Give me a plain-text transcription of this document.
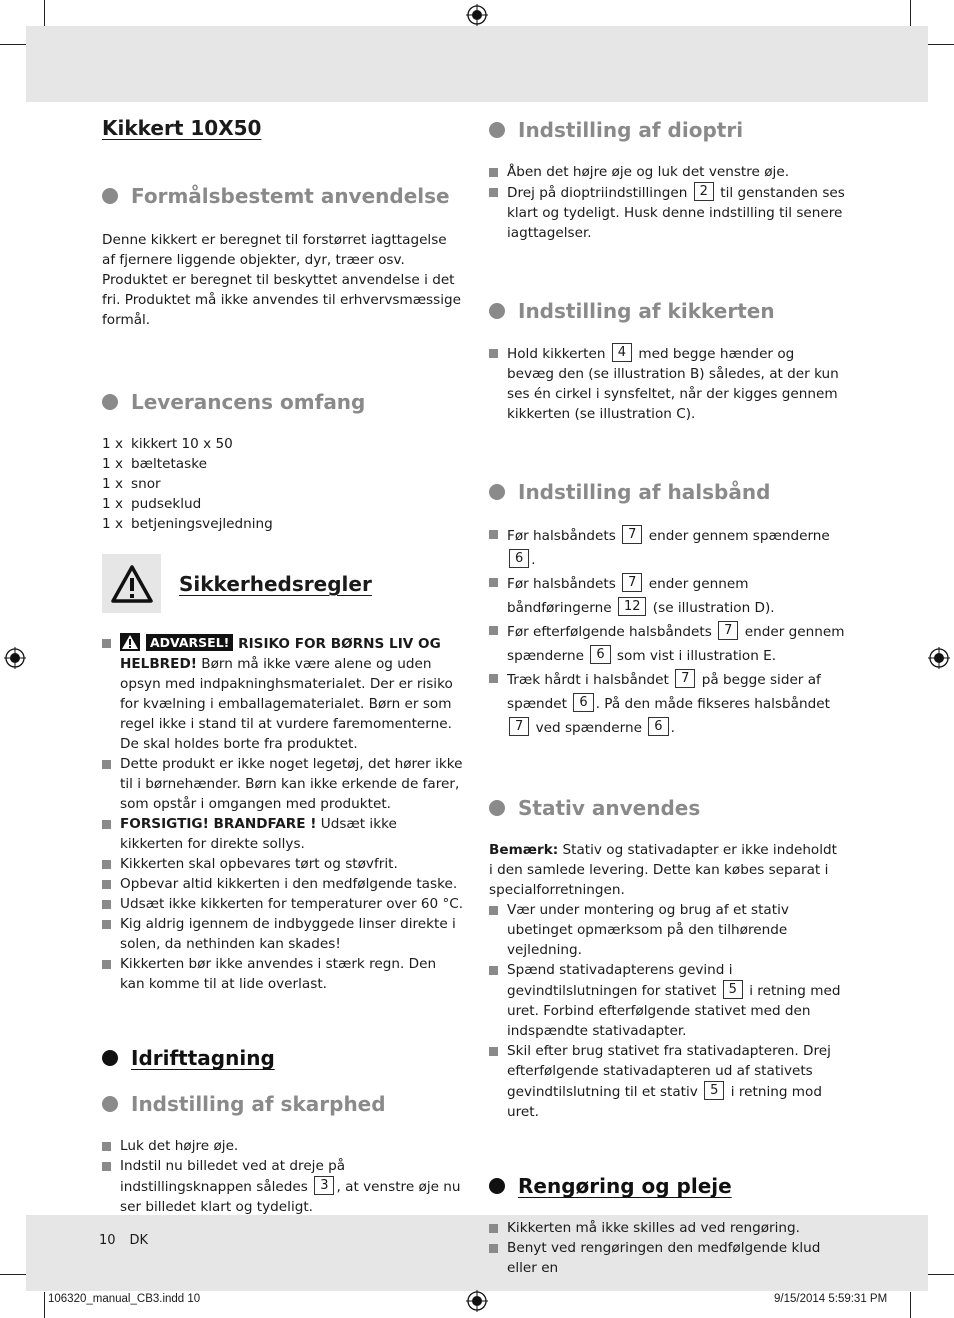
Kikkert 10X50
Formålsbestemt anvendelse

Denne kikkert er beregnet til forstørret iagttagelse af fjernere liggende objekter, dyr, træer osv. Produktet er beregnet til beskyttet anvendelse i det fri. Produktet må ikke anvendes til erhvervsmæssige formål.

Leverancens omfang
1 x kikkert 10 x 50
1 x bæltetaske
1 x snor
1 x pudseklud
1 x betjeningsvejledning
Sikkerhedsregler
ADVARSEL! RISIKO FOR BØRNS LIV OG HELBRED! Børn må ikke være alene og uden opsyn med indpakninghsmaterialet. Der er risiko for kvælning i emballagematerialet. Børn er som regel ikke i stand til at vurdere faremomenterne. De skal holdes borte fra produktet.
Dette produkt er ikke noget legetøj, det hører ikke til i børnehænder. Børn kan ikke erkende de farer, som opstår i omgangen med produktet.
FORSIGTIG! BRANDFARE ! Udsæt ikke kikkerten for direkte sollys.
Kikkerten skal opbevares tørt og støvfrit.
Opbevar altid kikkerten i den medfølgende taske.
Udsæt ikke kikkerten for temperaturer over 60 °C.
Kig aldrig igennem de indbyggede linser direkte i solen, da nethinden kan skades!
Kikkerten bør ikke anvendes i stærk regn. Den kan komme til at lide overlast.
Idrifttagning
Indstilling af skarphed
Luk det højre øje.
Indstil nu billedet ved at dreje på indstillingsknappen således 3 , at venstre øje nu ser billedet klart og tydeligt.
Indstilling af dioptri
Åben det højre øje og luk det venstre øje.
Drej på dioptriindstillingen 2 til genstanden ses klart og tydeligt. Husk denne indstilling til senere iagttagelser.
Indstilling af kikkerten
Hold kikkerten 4 med begge hænder og bevæg den (se illustration B) således, at der kun ses én cirkel i synsfeltet, når der kigges gennem kikkerten (se illustration C).
Indstilling af halsbånd
Før halsbåndets 7 ender gennem spænderne 6 .
Før halsbåndets 7 ender gennem båndføringerne 12 (se illustration D).
Før efterfølgende halsbåndets 7 ender gennem spænderne 6 som vist i illustration E.
Træk hårdt i halsbåndet 7 på begge sider af spændet 6 . På den måde fikseres halsbåndet 7 ved spænderne 6 .
Stativ anvendes

Bemærk: Stativ og stativadapter er ikke indeholdt i den samlede levering. Dette kan købes separat i specialforretningen.

Vær under montering og brug af et stativ ubetinget opmærksom på den tilhørende vejledning.
Spænd stativadapterens gevind i gevindtilslutningen for stativet 5 i retning med uret. Forbind efterfølgende stativet med den indspændte stativadapter.
Skil efter brug stativet fra stativadapteren. Drej efterfølgende stativadapteren ud af stativets gevindtilslutning til et stativ 5 i retning mod uret.
Rengøring og pleje
Kikkerten må ikke skilles ad ved rengøring.
Benyt ved rengøringen den medfølgende klud eller en
10 DK
106320_manual_CB3.indd 10	9/15/2014 5:59:31 PM
